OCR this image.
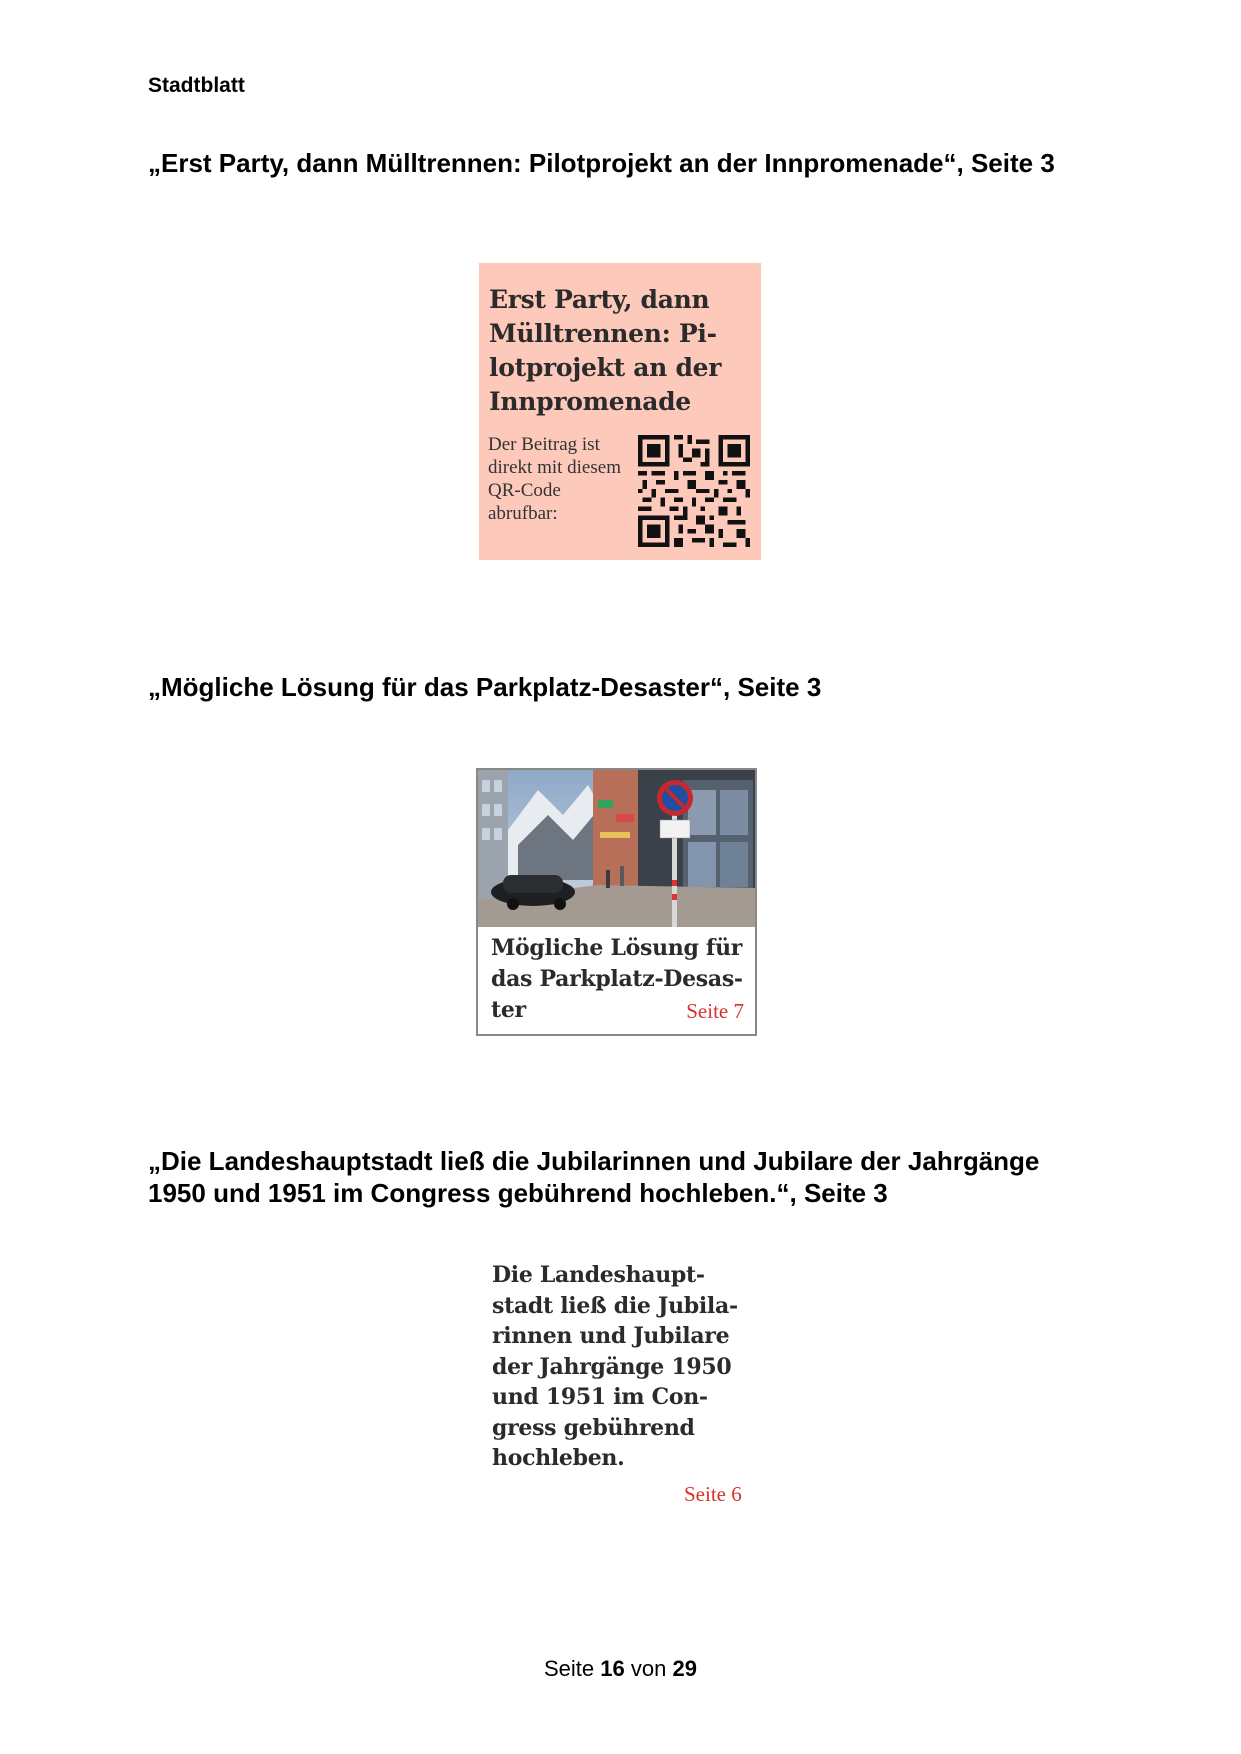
Stadtblatt
„Erst Party, dann Mülltrennen: Pilotprojekt an der Innpromenade“, Seite 3
Erst Party, dann Mülltrennen: Pi-lotprojekt an der Innpromenade
Der Beitrag ist direkt mit diesem QR-Code abrufbar:
„Mögliche Lösung für das Parkplatz-Desaster“, Seite 3
Mögliche Lösung für das Parkplatz-Desas-ter	Seite 7
„Die Landeshauptstadt ließ die Jubilarinnen und Jubilare der Jahrgänge 1950 und 1951 im Congress gebührend hochleben.“, Seite 3
Die Landeshaupt-stadt ließ die Jubila-rinnen und Jubilare der Jahrgänge 1950 und 1951 im Con-gress gebührend hochleben.
Seite 6
Seite 16 von 29
